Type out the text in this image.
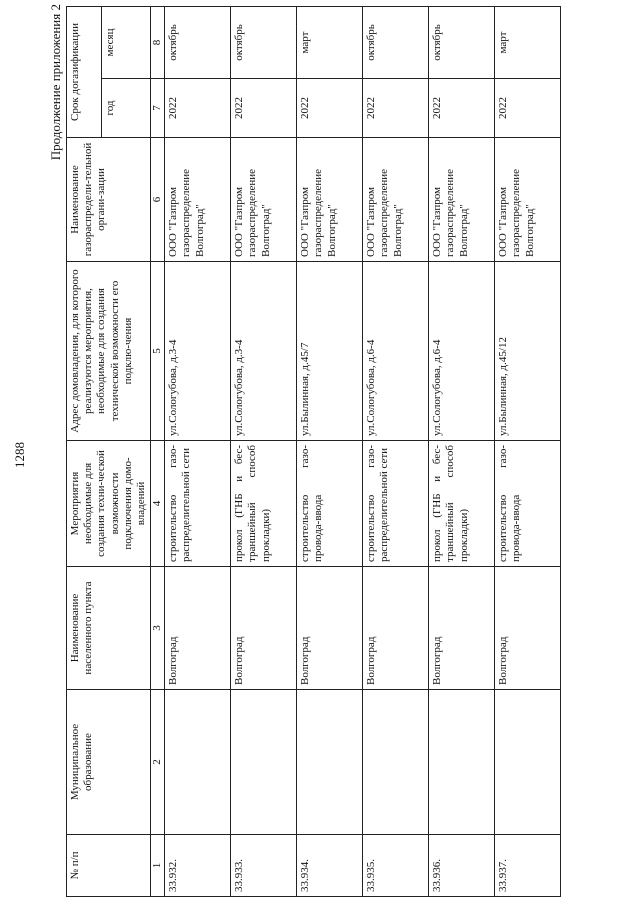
1288
Продолжение приложения 2
№ п/п	Муниципальное образование	Наименование населенного пункта	Мероприятия необходимые для создания техни-ческой возможности подключения домо-владений	Адрес домовладения, для которого реализуются мероприятия, необходимые для создания технической возможности его подклю-чения	Наименование газораспредели-тельной органи-зации	Срок догазификации	
						год	месяц
1	2	3	4	5	6	7	8
33.932.		Волгоград	строительство газо-распределительной сети	ул.Сологубова, д.3-4	ООО "Газпром газораспределение Волгоград"	2022	октябрь
33.933.		Волгоград	прокол (ГНБ и бес-траншейный способ прокладки)	ул.Сологубова, д.3-4	ООО "Газпром газораспределение Волгоград"	2022	октябрь
33.934.		Волгоград	строительство газо-провода-ввода	ул.Былинная, д.45/7	ООО "Газпром газораспределение Волгоград"	2022	март
33.935.		Волгоград	строительство газо-распределительной сети	ул.Сологубова, д.6-4	ООО "Газпром газораспределение Волгоград"	2022	октябрь
33.936.		Волгоград	прокол (ГНБ и бес-траншейный способ прокладки)	ул.Сологубова, д.6-4	ООО "Газпром газораспределение Волгоград"	2022	октябрь
33.937.		Волгоград	строительство газо-провода-ввода	ул.Былинная, д.45/12	ООО "Газпром газораспределение Волгоград"	2022	март
